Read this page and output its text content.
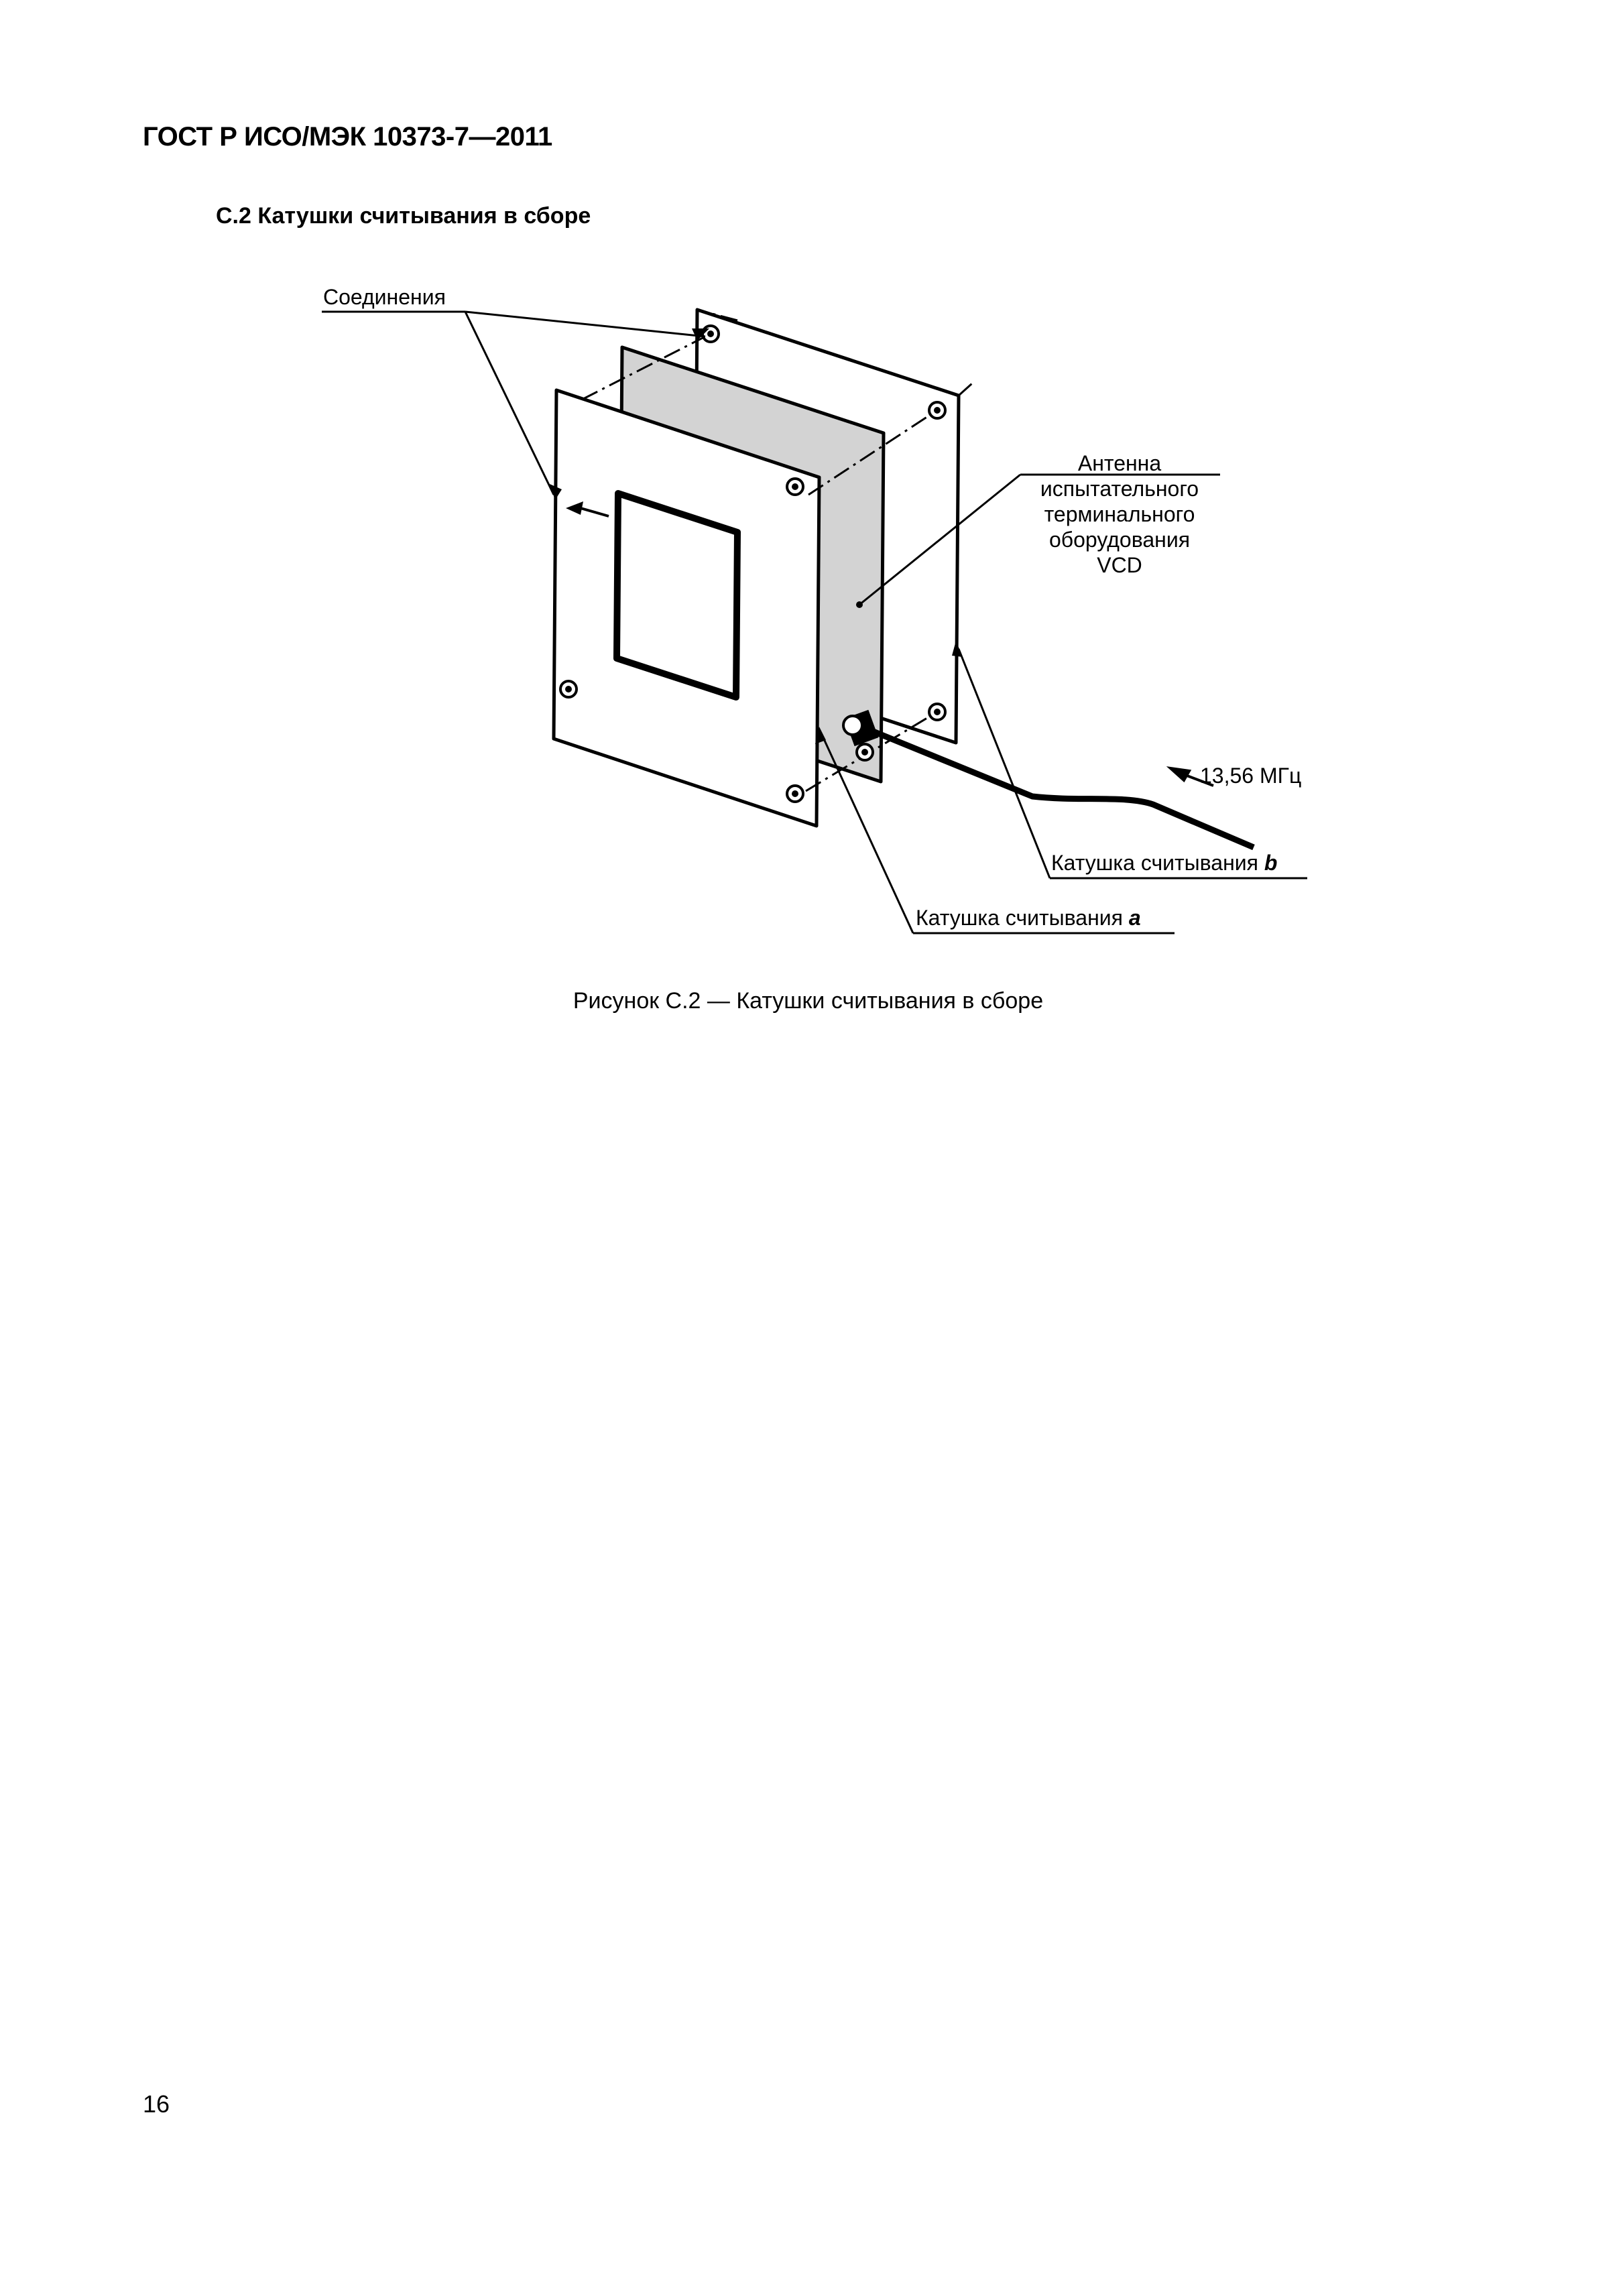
ГОСТ Р ИСО/МЭК 10373-7—2011
C.2 Катушки считывания в сборе
Соединения
Антенна
испытательного
терминального
оборудования
VCD
13,56 МГц
Катушка считывания b
Катушка считывания a
Рисунок С.2 — Катушки считывания в сборе
16
